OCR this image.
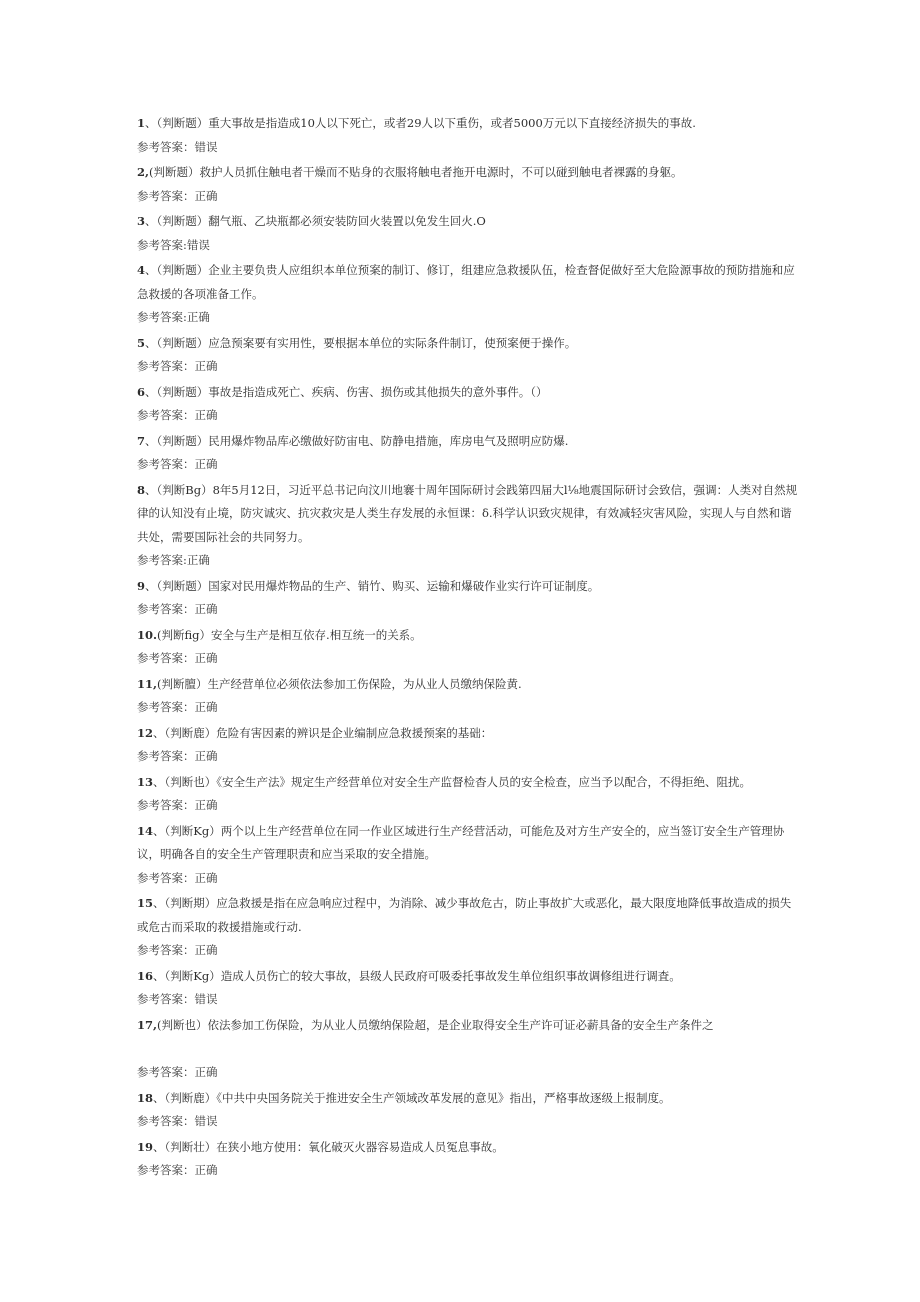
1、（判断题）重大事故是指造成10人以下死亡，或者29人以下重伤，或者5000万元以下直接经济损失的事故.

参考答案：错误

2,(判断题）救护人员抓住触电者干燥而不贴身的衣服将触电者拖开电源时，不可以碰到触电者裸露的身躯。

参考答案：正确

3、（判断题）翻气瓶、乙块瓶都必须安装防回火装置以免发生回火.O

参考答案:错误

4、（判断题）企业主要负贵人应组织本单位预案的制订、修订，组建应急救援队伍，检查督促做好至大危险源事故的预防措施和应急救援的各项准备工作。

参考答案:正确

5、（判断题）应急预案要有实用性，要根据本单位的实际条件制订，使预案便于操作。

参考答案：正确

6、（判断题）事故是指造成死亡、疾病、伤害、损伤或其他损失的意外事件。（）

参考答案：正确

7、（判断题）民用爆炸物品库必缴做好防宙电、防静电措施，库房电气及照明应防爆.

参考答案：正确

8、（判断Bg）8年5月12日，习近平总书记向汶川地褰十周年国际研讨会践第四届大l⅛地震国际研讨会致信，强调：人类对自然规律的认知没有止境，防灾诚灾、抗灾救灾是人类生存发展的永恒课：δ.科学认识致灾规律，有效减轻灾害风险，实现人与自然和谐共处，需要国际社会的共同努力。

参考答案:正确

9、（判断题）国家对民用爆炸物品的生产、销竹、购买、运输和爆破作业实行许可证制度。

参考答案：正确

10.(判断fig）安全与生产是相互依存.相互统一的关系。

参考答案：正确

11,(判断膻）生产经营单位必须依法参加工伤保险，为从业人员缴纳保险黄.

参考答案：正确

12、（判断鹿）危险有害因素的辨识是企业编制应急救援预案的基础：

参考答案：正确

13、（判断也）《安全生产法》规定生产经营单位对安全生产监督检杳人员的安全检查，应当予以配合，不得拒绝、阻扰。

参考答案：正确

14、（判断Kg）两个以上生产经营单位在同一作业区域进行生产经营活动，可能危及对方生产安全的，应当签订安全生产管理协议，明确各自的安全生产管理职责和应当采取的安全措施。

参考答案：正确

15、（判断期）应急救援是指在应急响应过程中，为消除、减少事故危古，防止事故扩大或恶化，最大限度地降低事故造成的损失或危古而采取的救援措施或行动.

参考答案：正确

16、（判断Kg）造成人员伤亡的较大事故，县级人民政府可吸委托事故发生单位组织事故调修组进行调査。

参考答案：错误

17,(判断也）依法参加工伤保险，为从业人员缴纳保险超，是企业取得安全生产许可证必薪具备的安全生产条件之

参考答案：正确

18、（判断鹿）《中共中央国务院关于推进安全生产领域改革发展的意见》指出，严格事故逐级上报制度。

参考答案：错误

19、（判断壮）在狭小地方使用：氧化破灭火器容易造成人员冤息事故。

参考答案：正确
